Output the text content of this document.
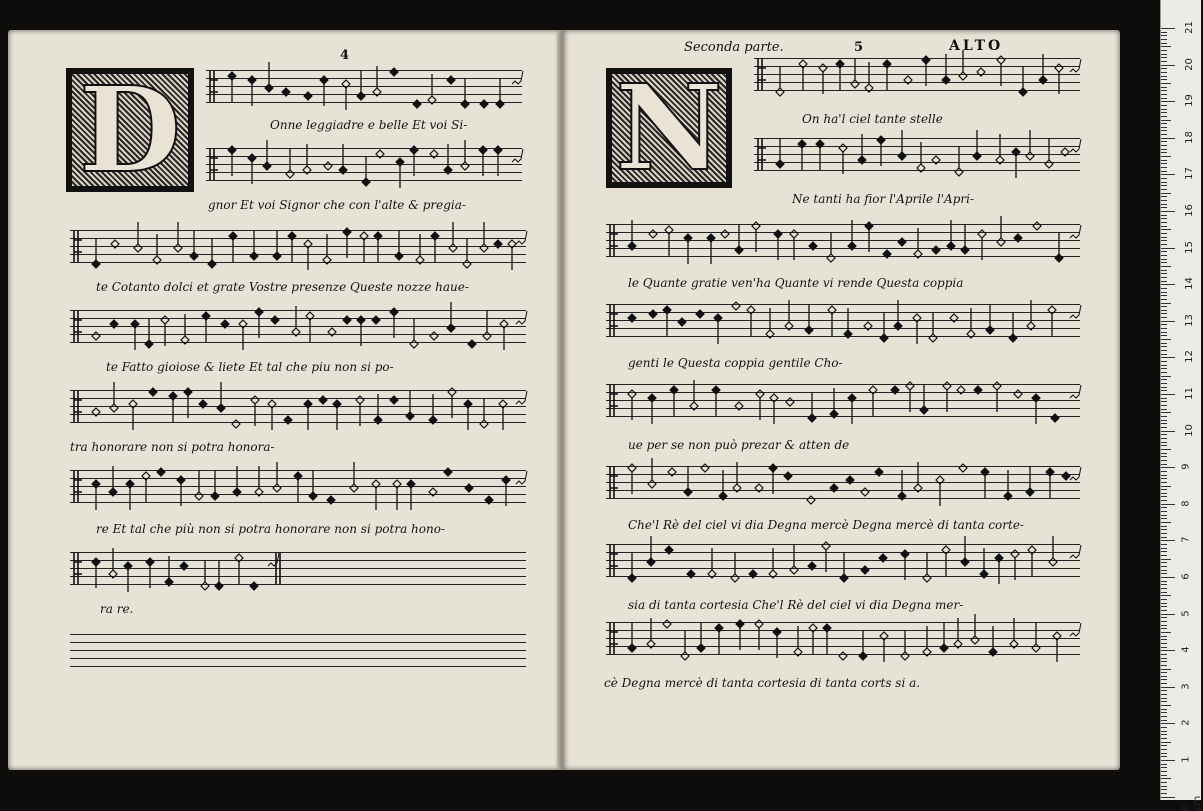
4
D	Onne leggiadre e belle Et voi Si-
gnor Et voi Signor che con l'alte & pregia-
te Cotanto dolci et grate Vostre presenze Queste nozze haue-
te Fatto gioiose & liete Et tal che piu non si po-
tra honorare non si potra honora-
re Et tal che più non si potra honorare non si potra hono-
ra re.
Seconda parte.	5	ALTO
N	On ha'l ciel tante stelle
Ne tanti ha fior l'Aprile l'Apri-
le Quante gratie ven'ha Quante vi rende Questa coppia
genti le Questa coppia gentile Cho-
ue per se non può prezar & atten de
Che'l Rè del ciel vi dia Degna mercè Degna mercè di tanta corte-
sia di tanta cortesia Che'l Rè del ciel vi dia Degna mer-
cè Degna mercè di tanta cortesia di tanta corts si a.
21
20
19
18
17
16
15
14
13
12
11
10
9
8
7
6
5
4
3
2
1
0 cm
